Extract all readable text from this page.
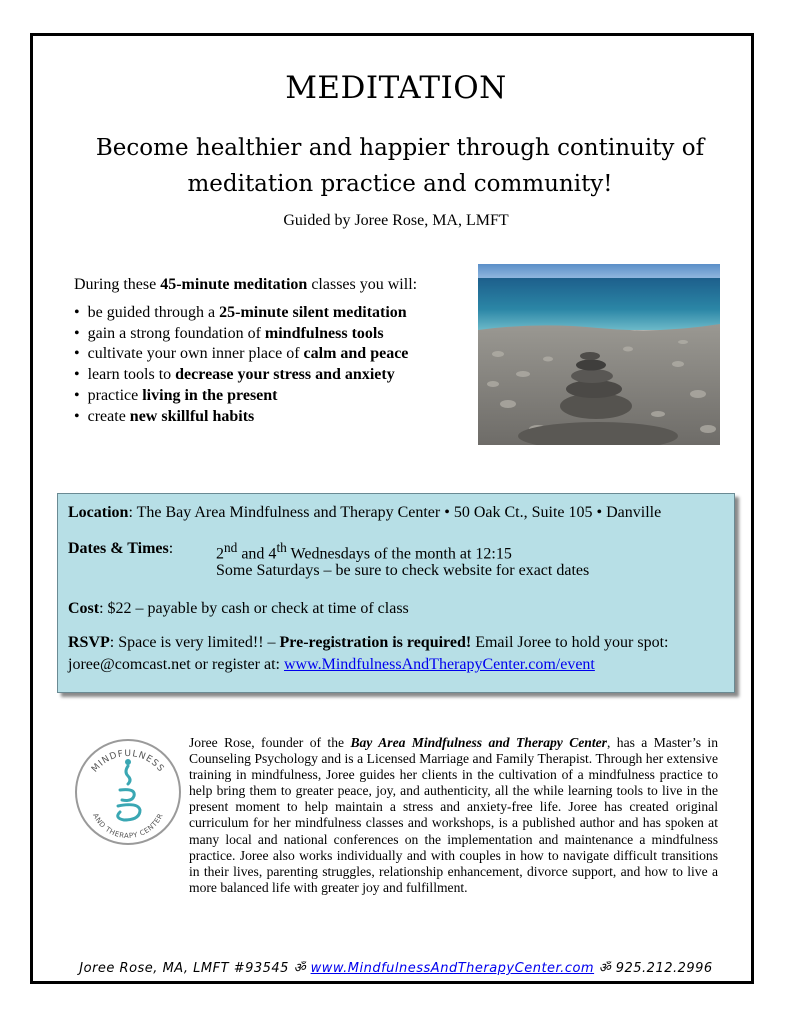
MEDITATION
Become healthier and happier through continuity of
meditation practice and community!
Guided by Joree Rose, MA, LMFT
During these 45-minute meditation classes you will:
• be guided through a 25-minute silent meditation
• gain a strong foundation of mindfulness tools
• cultivate your own inner place of calm and peace
• learn tools to decrease your stress and anxiety
• practice living in the present
• create new skillful habits
Location: The Bay Area Mindfulness and Therapy Center • 50 Oak Ct., Suite 105 • Danville
Dates & Times:	2nd and 4th Wednesdays of the month at 12:15
Some Saturdays – be sure to check website for exact dates
Cost: $22 – payable by cash or check at time of class
RSVP: Space is very limited!! – Pre-registration is required! Email Joree to hold your spot:
joree@comcast.net or register at: www.MindfulnessAndTherapyCenter.com/event
MINDFULNESS
AND THERAPY CENTER
Joree Rose, founder of the Bay Area Mindfulness and Therapy Center, has a Master’s in Counseling Psychology and is a Licensed Marriage and Family Therapist. Through her extensive training in mindfulness, Joree guides her clients in the cultivation of a mindfulness practice to help bring them to greater peace, joy, and authenticity, all the while learning tools to live in the present moment to help maintain a stress and anxiety-free life. Joree has created original curriculum for her mindfulness classes and workshops, is a published author and has spoken at many local and national conferences on the implementation and maintenance a mindfulness practice. Joree also works individually and with couples in how to navigate difficult transitions in their lives, parenting struggles, relationship enhancement, divorce support, and how to live a more balanced life with greater joy and fulfillment.
Joree Rose, MA, LMFT #93545 ॐ www.MindfulnessAndTherapyCenter.com ॐ 925.212.2996
